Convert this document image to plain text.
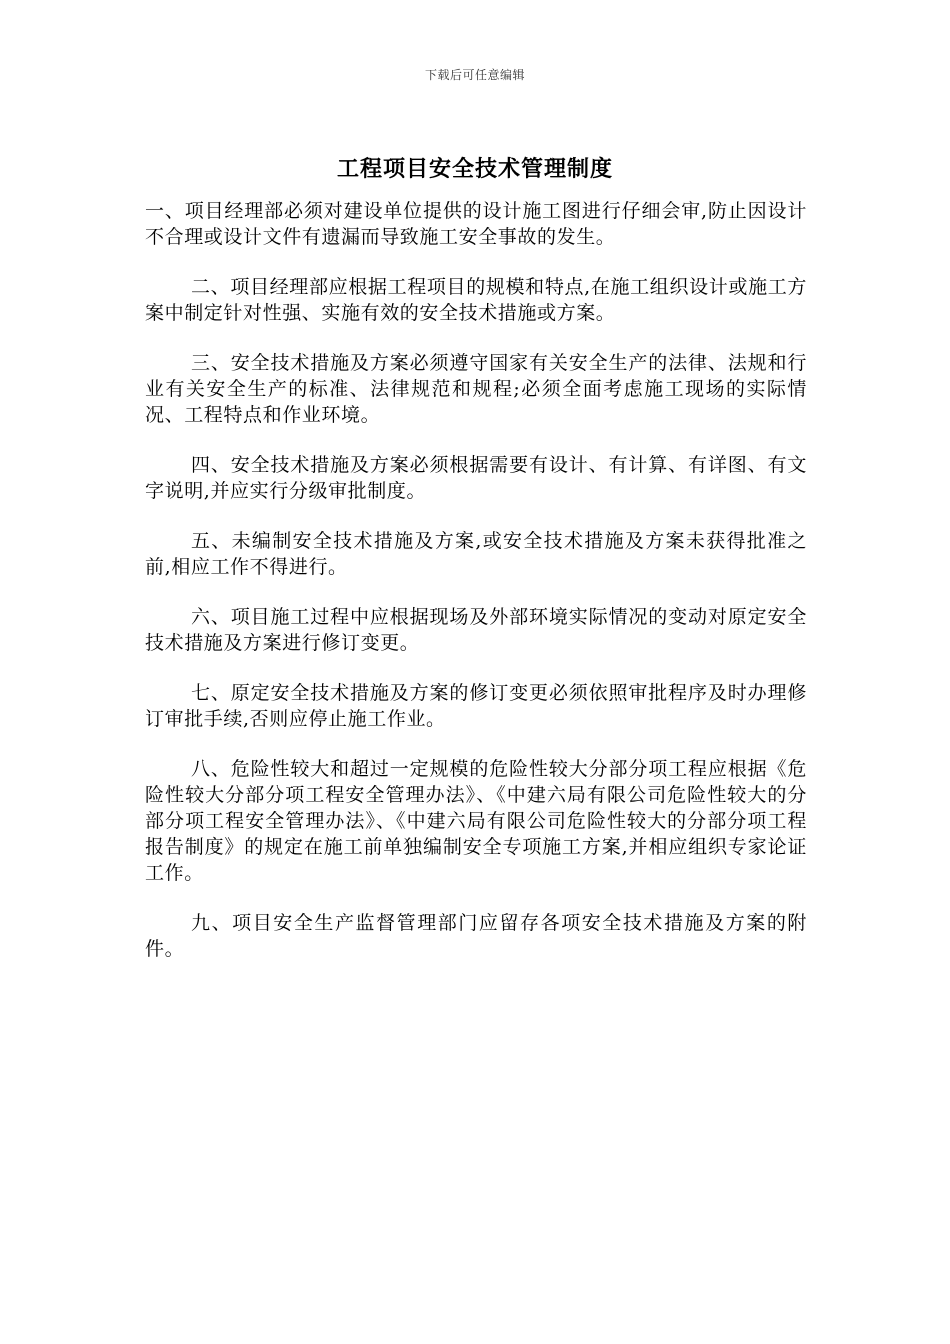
下载后可任意编辑
工程项目安全技术管理制度

一、项目经理部必须对建设单位提供的设计施工图进行仔细会审,防止因设计不合理或设计文件有遗漏而导致施工安全事故的发生。

二、项目经理部应根据工程项目的规模和特点,在施工组织设计或施工方案中制定针对性强、实施有效的安全技术措施或方案。

三、安全技术措施及方案必须遵守国家有关安全生产的法律、法规和行业有关安全生产的标准、法律规范和规程;必须全面考虑施工现场的实际情况、工程特点和作业环境。

四、安全技术措施及方案必须根据需要有设计、有计算、有详图、有文字说明,并应实行分级审批制度。

五、未编制安全技术措施及方案,或安全技术措施及方案未获得批准之前,相应工作不得进行。

六、项目施工过程中应根据现场及外部环境实际情况的变动对原定安全技术措施及方案进行修订变更。

七、原定安全技术措施及方案的修订变更必须依照审批程序及时办理修订审批手续,否则应停止施工作业。

八、危险性较大和超过一定规模的危险性较大分部分项工程应根据《危险性较大分部分项工程安全管理办法》、《中建六局有限公司危险性较大的分部分项工程安全管理办法》、《中建六局有限公司危险性较大的分部分项工程报告制度》的规定在施工前单独编制安全专项施工方案,并相应组织专家论证工作。

九、项目安全生产监督管理部门应留存各项安全技术措施及方案的附件。
